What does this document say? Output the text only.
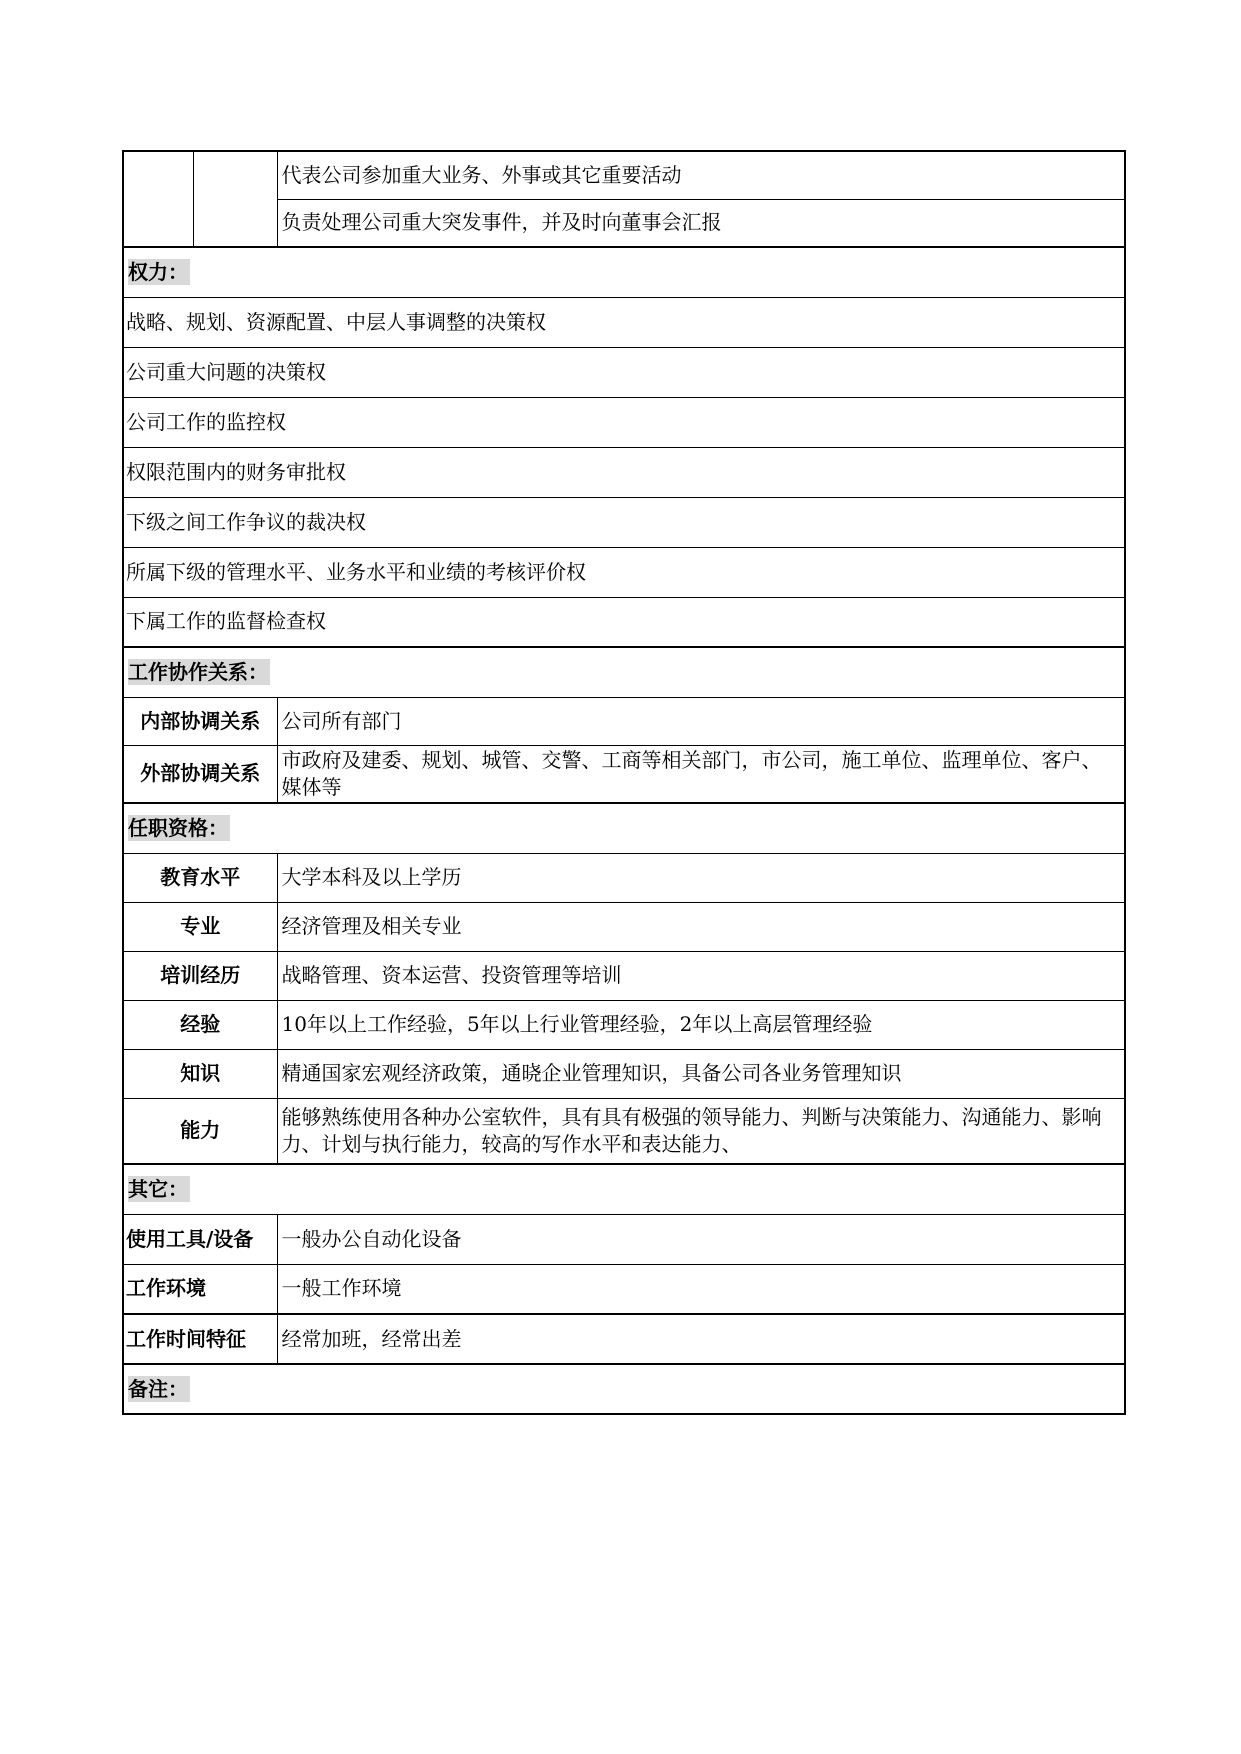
		代表公司参加重大业务、外事或其它重要活动
		负责处理公司重大突发事件，并及时向董事会汇报
权力：		
战略、规划、资源配置、中层人事调整的决策权		
公司重大问题的决策权		
公司工作的监控权		
权限范围内的财务审批权		
下级之间工作争议的裁决权		
所属下级的管理水平、业务水平和业绩的考核评价权		
下属工作的监督检查权		
工作协作关系：		
内部协调关系		公司所有部门
外部协调关系		市政府及建委、规划、城管、交警、工商等相关部门，市公司，施工单位、监理单位、客户、媒体等
任职资格：		
教育水平		大学本科及以上学历
专业		经济管理及相关专业
培训经历		战略管理、资本运营、投资管理等培训
经验		10年以上工作经验，5年以上行业管理经验，2年以上高层管理经验
知识		精通国家宏观经济政策，通晓企业管理知识，具备公司各业务管理知识
能力		能够熟练使用各种办公室软件，具有具有极强的领导能力、判断与决策能力、沟通能力、影响力、计划与执行能力，较高的写作水平和表达能力、
其它：		
使用工具/设备		一般办公自动化设备
工作环境		一般工作环境
工作时间特征		经常加班，经常出差
备注：		
